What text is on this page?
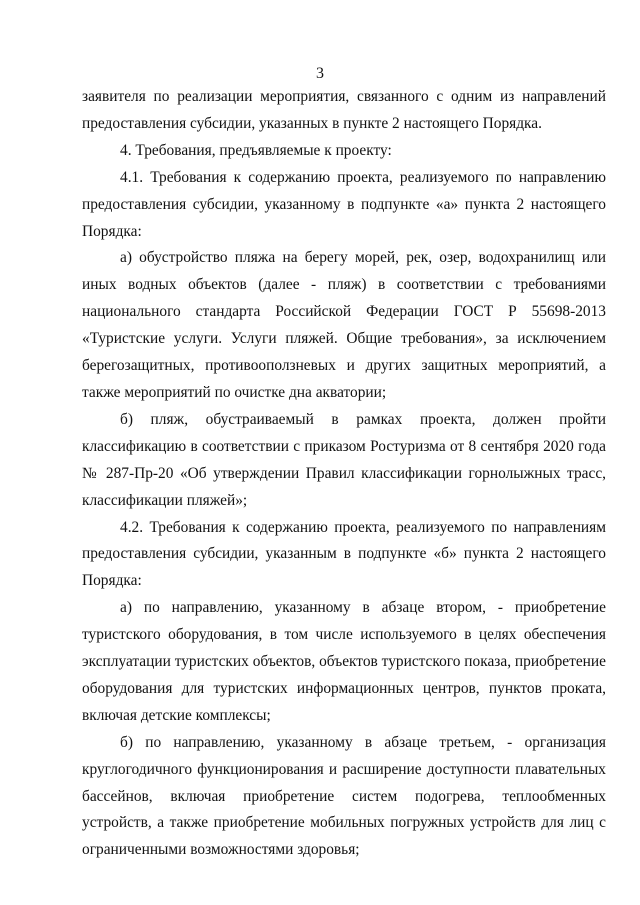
3

заявителя по реализации мероприятия, связанного с одним из направлений предоставления субсидии, указанных в пункте 2 настоящего Порядка.

4. Требования, предъявляемые к проекту:

4.1. Требования к содержанию проекта, реализуемого по направлению предоставления субсидии, указанному в подпункте «а» пункта 2 настоящего Порядка:

а) обустройство пляжа на берегу морей, рек, озер, водохранилищ или иных водных объектов (далее - пляж) в соответствии с требованиями национального стандарта Российской Федерации ГОСТ Р 55698-2013 «Туристские услуги. Услуги пляжей. Общие требования», за исключением берегозащитных, противооползневых и других защитных мероприятий, а также мероприятий по очистке дна акватории;

б) пляж, обустраиваемый в рамках проекта, должен пройти классификацию в соответствии с приказом Ростуризма от 8 сентября 2020 года № 287-Пр-20 «Об утверждении Правил классификации горнолыжных трасс, классификации пляжей»;

4.2. Требования к содержанию проекта, реализуемого по направлениям предоставления субсидии, указанным в подпункте «б» пункта 2 настоящего Порядка:

а) по направлению, указанному в абзаце втором, - приобретение туристского оборудования, в том числе используемого в целях обеспечения эксплуатации туристских объектов, объектов туристского показа, приобретение оборудования для туристских информационных центров, пунктов проката, включая детские комплексы;

б) по направлению, указанному в абзаце третьем, - организация круглогодичного функционирования и расширение доступности плавательных бассейнов, включая приобретение систем подогрева, теплообменных устройств, а также приобретение мобильных погружных устройств для лиц с ограниченными возможностями здоровья;
